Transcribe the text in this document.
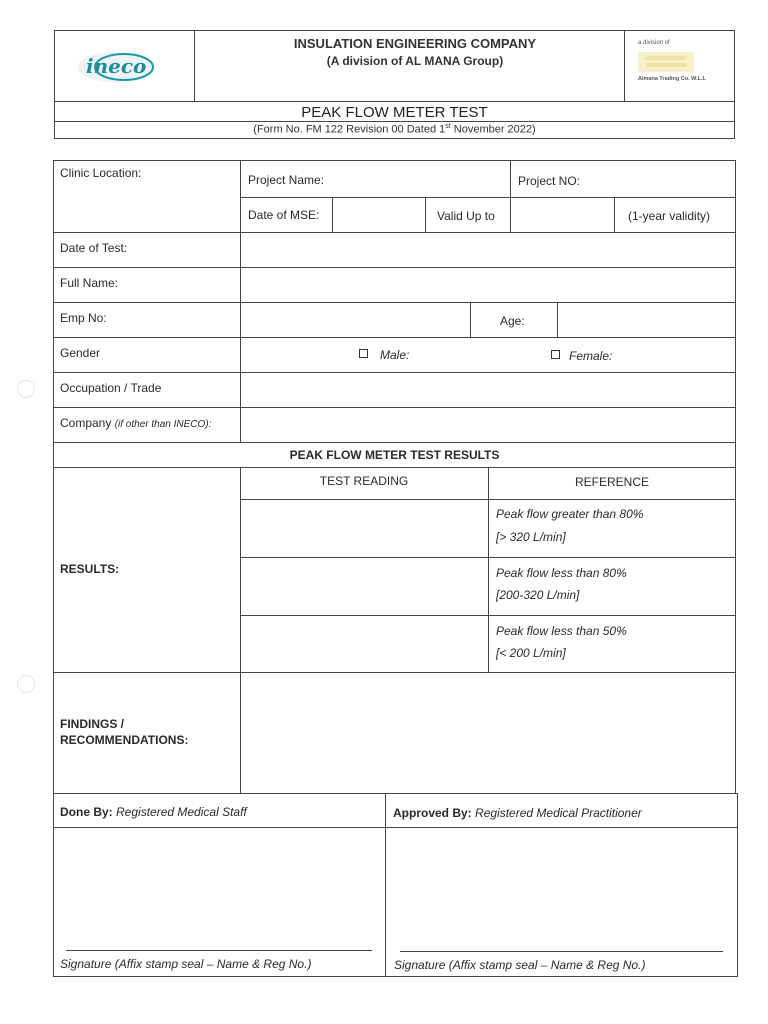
ineco
INSULATION ENGINEERING COMPANY
(A division of AL MANA Group)
a division of
Almana Trading Co. W.L.L
PEAK FLOW METER TEST
(Form No. FM 122 Revision 00 Dated 1st November 2022)
Clinic Location:	Project Name:	Project NO:
Date of MSE:	Valid Up to	(1-year validity)
Date of Test:
Full Name:
Emp No:	Age:
Gender	Male:	Female:
Occupation / Trade
Company (if other than INECO):
PEAK FLOW METER TEST RESULTS
TEST READING	REFERENCE
RESULTS:
Peak flow greater than 80%
[> 320 L/min]
Peak flow less than 80%
[200-320 L/min]
Peak flow less than 50%
[< 200 L/min]
FINDINGS /
RECOMMENDATIONS:
Done By: Registered Medical Staff	Approved By: Registered Medical Practitioner
Signature (Affix stamp seal – Name & Reg No.)	Signature (Affix stamp seal – Name & Reg No.)
